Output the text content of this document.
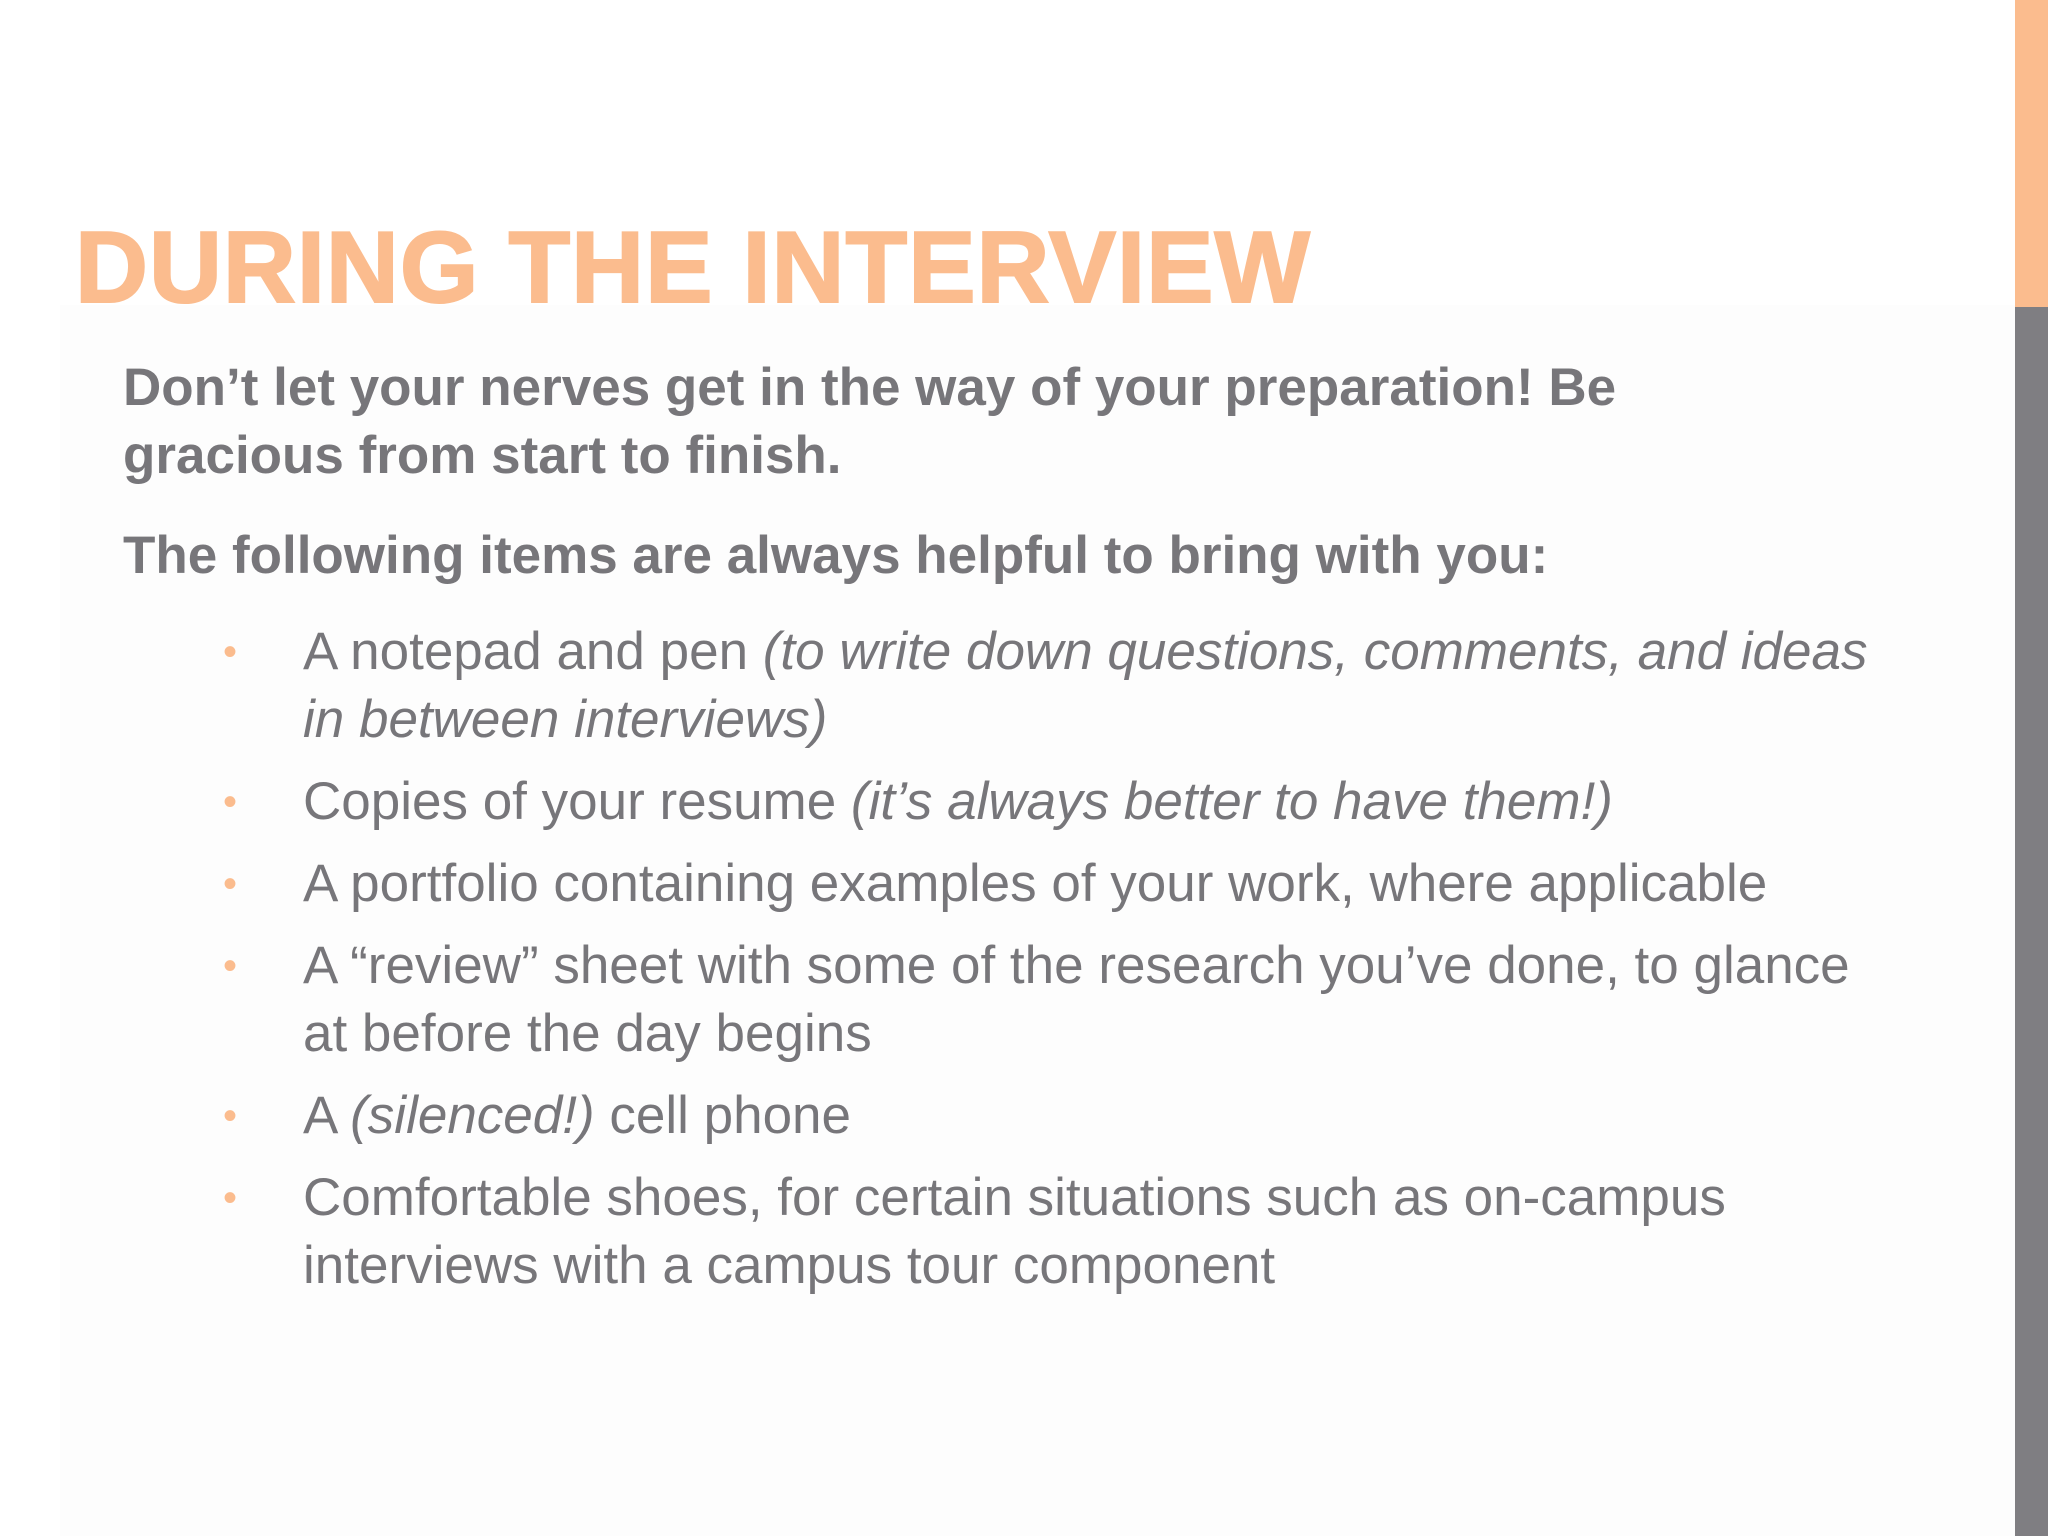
DURING THE INTERVIEW

Don’t let your nerves get in the way of your preparation! Be gracious from start to finish.

The following items are always helpful to bring with you:

• A notepad and pen (to write down questions, comments, and ideas in between interviews)
• Copies of your resume (it’s always better to have them!)
• A portfolio containing examples of your work, where applicable
• A “review” sheet with some of the research you’ve done, to glance at before the day begins
• A (silenced!) cell phone
• Comfortable shoes, for certain situations such as on-campus interviews with a campus tour component
